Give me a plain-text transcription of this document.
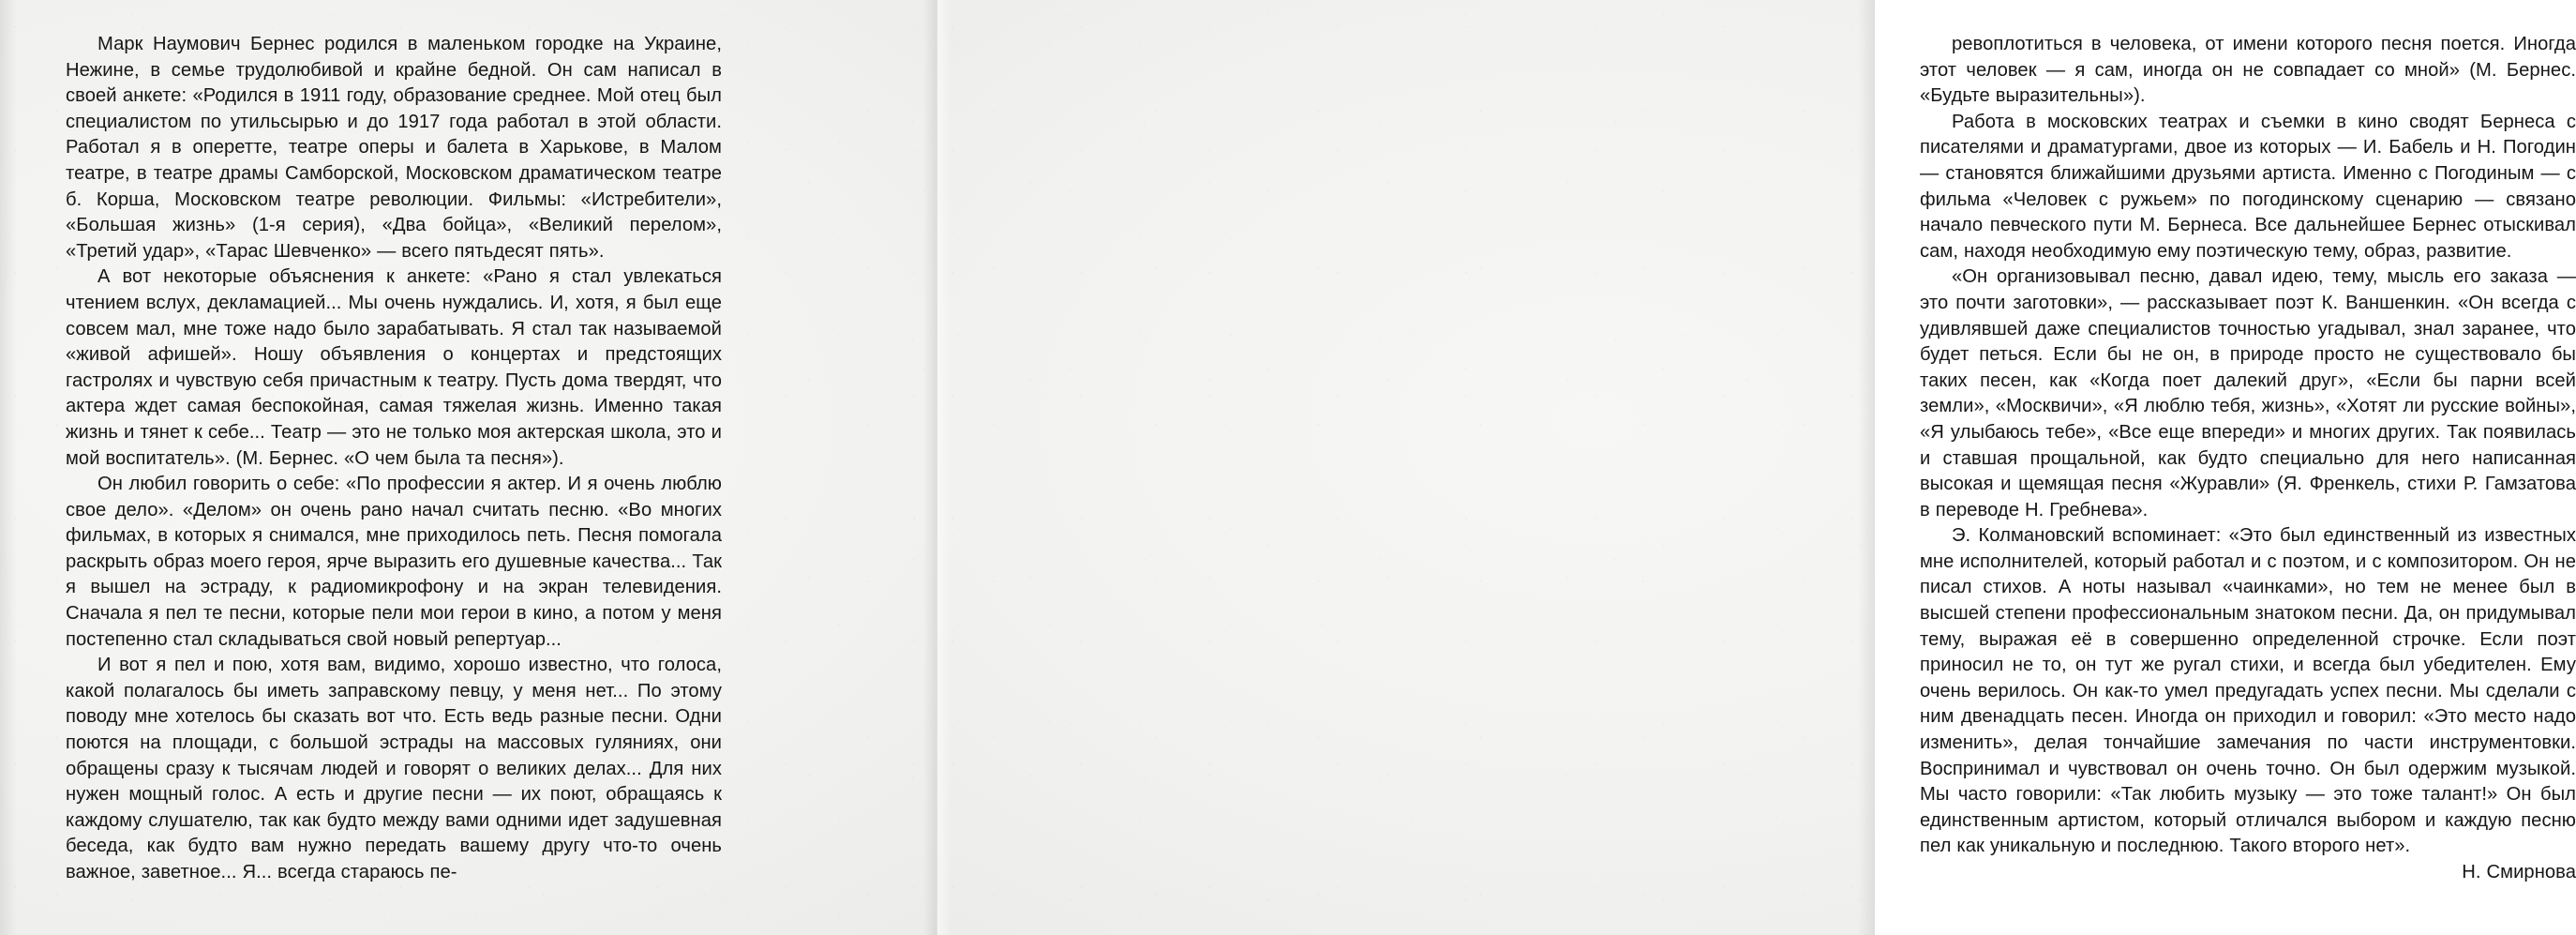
Марк Наумович Бернес родился в маленьком городке на Украине, Нежине, в семье трудолюбивой и крайне бедной. Он сам написал в своей анкете: «Родился в 1911 году, образование среднее. Мой отец был специалистом по утильсырью и до 1917 года работал в этой области. Работал я в оперетте, театре оперы и балета в Харькове, в Малом театре, в театре драмы Самборской, Московском драматическом театре б. Корша, Московском театре революции. Фильмы: «Истребители», «Большая жизнь» (1-я серия), «Два бойца», «Великий перелом», «Третий удар», «Тарас Шевченко» — всего пятьдесят пять».

А вот некоторые объяснения к анкете: «Рано я стал увлекаться чтением вслух, декламацией... Мы очень нуждались. И, хотя, я был еще совсем мал, мне тоже надо было зарабатывать. Я стал так называемой «живой афишей». Ношу объявления о концертах и предстоящих гастролях и чувствую себя причастным к театру. Пусть дома твердят, что актера ждет самая беспокойная, самая тяжелая жизнь. Именно такая жизнь и тянет к себе... Театр — это не только моя актерская школа, это и мой воспитатель». (М. Бернес. «О чем была та песня»).

Он любил говорить о себе: «По профессии я актер. И я очень люблю свое дело». «Делом» он очень рано начал считать песню. «Во многих фильмах, в которых я снимался, мне приходилось петь. Песня помогала раскрыть образ моего героя, ярче выразить его душевные качества... Так я вышел на эстраду, к радиомикрофону и на экран телевидения. Сначала я пел те песни, которые пели мои герои в кино, а потом у меня постепенно стал складываться свой новый репертуар...

И вот я пел и пою, хотя вам, видимо, хорошо известно, что голоса, какой полагалось бы иметь заправскому певцу, у меня нет... По этому поводу мне хотелось бы сказать вот что. Есть ведь разные песни. Одни поются на площади, с большой эстрады на массовых гуляниях, они обращены сразу к тысячам людей и говорят о великих делах... Для них нужен мощный голос. А есть и другие песни — их поют, обращаясь к каждому слушателю, так как будто между вами одними идет задушевная беседа, как будто вам нужно передать вашему другу что-то очень важное, заветное... Я... всегда стараюсь пе-

ревоплотиться в человека, от имени которого песня поется. Иногда этот человек — я сам, иногда он не совпадает со мной» (М. Бернес. «Будьте выразительны»).

Работа в московских театрах и съемки в кино сводят Бернеса с писателями и драматургами, двое из которых — И. Бабель и Н. Погодин — становятся ближайшими друзьями артиста. Именно с Погодиным — с фильма «Человек с ружьем» по погодинскому сценарию — связано начало певческого пути М. Бернеса. Все дальнейшее Бернес отыскивал сам, находя необходимую ему поэтическую тему, образ, развитие.

«Он организовывал песню, давал идею, тему, мысль его заказа — это почти заготовки», — рассказывает поэт К. Ваншенкин. «Он всегда с удивлявшей даже специалистов точностью угадывал, знал заранее, что будет петься. Если бы не он, в природе просто не существовало бы таких песен, как «Когда поет далекий друг», «Если бы парни всей земли», «Москвичи», «Я люблю тебя, жизнь», «Хотят ли русские войны», «Я улыбаюсь тебе», «Все еще впереди» и многих других. Так появилась и ставшая прощальной, как будто специально для него написанная высокая и щемящая песня «Журавли» (Я. Френкель, стихи Р. Гамзатова в переводе Н. Гребнева».

Э. Колмановский вспоминает: «Это был единственный из известных мне исполнителей, который работал и с поэтом, и с композитором. Он не писал стихов. А ноты называл «чаинками», но тем не менее был в высшей степени профессиональным знатоком песни. Да, он придумывал тему, выражая её в совершенно определенной строчке. Если поэт приносил не то, он тут же ругал стихи, и всегда был убедителен. Ему очень верилось. Он как-то умел предугадать успех песни. Мы сделали с ним двенадцать песен. Иногда он приходил и говорил: «Это место надо изменить», делая тончайшие замечания по части инструментовки. Воспринимал и чувствовал он очень точно. Он был одержим музыкой. Мы часто говорили: «Так любить музыку — это тоже талант!» Он был единственным артистом, который отличался выбором и каждую песню пел как уникальную и последнюю. Такого второго нет».

Н. Смирнова
